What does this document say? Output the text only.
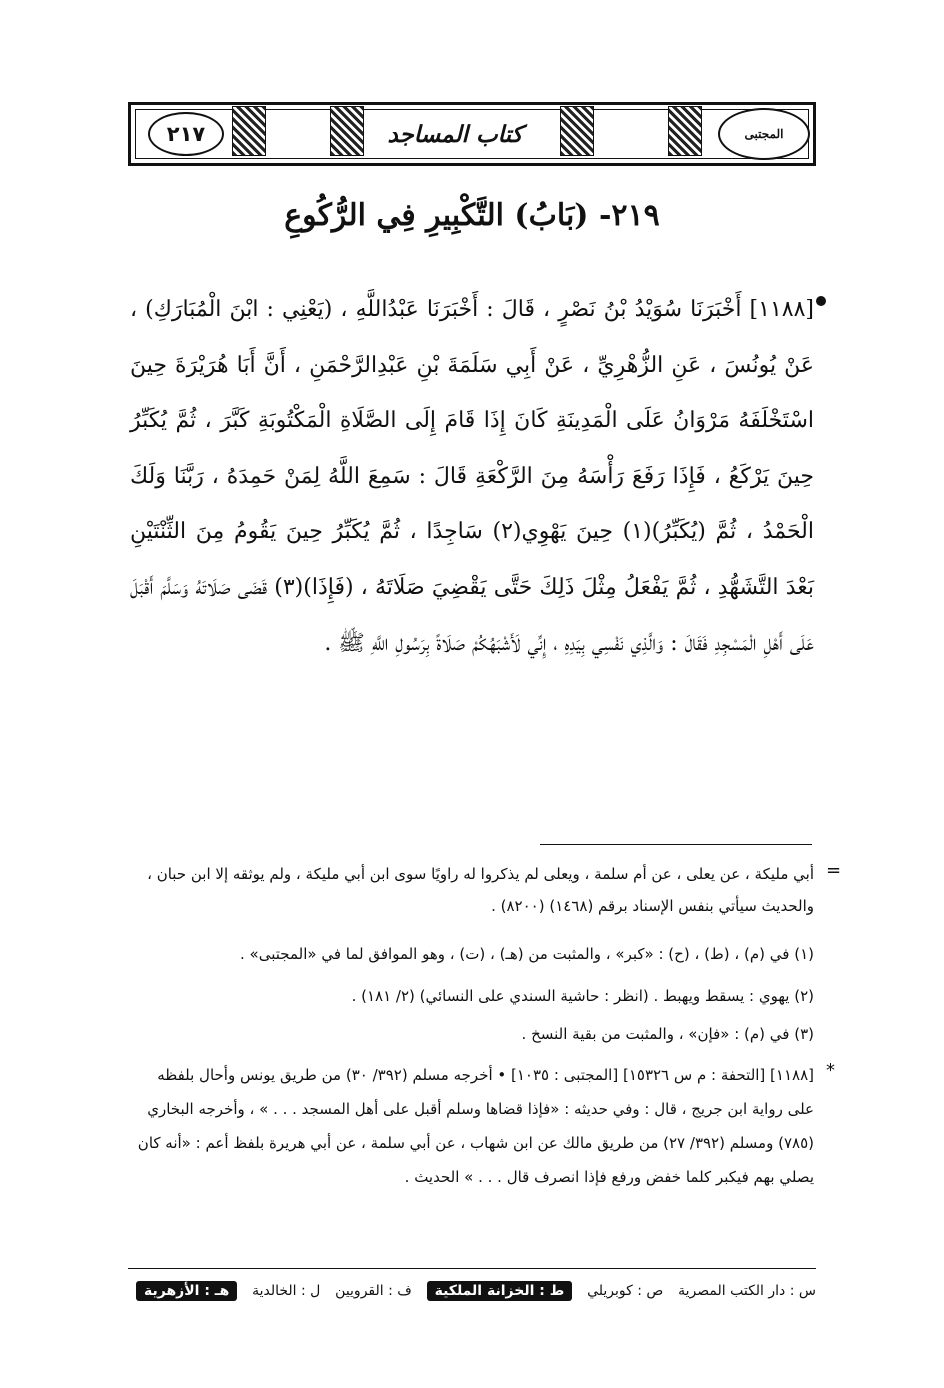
٢١٧	كتاب المساجد	المجتبى
٢١٩- (بَابُ) التَّكْبِيرِ فِي الرُّكُوعِ
[١١٨٨] أَخْبَرَنَا سُوَيْدُ بْنُ نَصْرٍ ، قَالَ : أَخْبَرَنَا عَبْدُاللَّهِ ، (يَعْنِي : ابْنَ الْمُبَارَكِ) ، عَنْ يُونُسَ ، عَنِ الزُّهْرِيِّ ، عَنْ أَبِي سَلَمَةَ بْنِ عَبْدِالرَّحْمَنِ ، أَنَّ أَبَا هُرَيْرَةَ حِينَ اسْتَخْلَفَهُ مَرْوَانُ عَلَى الْمَدِينَةِ كَانَ إِذَا قَامَ إِلَى الصَّلَاةِ الْمَكْتُوبَةِ كَبَّرَ ، ثُمَّ يُكَبِّرُ حِينَ يَرْكَعُ ، فَإِذَا رَفَعَ رَأْسَهُ مِنَ الرَّكْعَةِ قَالَ : سَمِعَ اللَّهُ لِمَنْ حَمِدَهُ ، رَبَّنَا وَلَكَ الْحَمْدُ ، ثُمَّ (يُكَبِّرُ)(١) حِينَ يَهْوِي(٢) سَاجِدًا ، ثُمَّ يُكَبِّرُ حِينَ يَقُومُ مِنَ الثِّنْتَيْنِ بَعْدَ التَّشَهُّدِ ، ثُمَّ يَفْعَلُ مِثْلَ ذَلِكَ حَتَّى يَقْضِيَ صَلَاتَهُ ، (فَإِذَا)(٣) قَضَى صَلَاتَهُ وَسَلَّمَ أَقْبَلَ عَلَى أَهْلِ الْمَسْجِدِ فَقَالَ : وَالَّذِي نَفْسِي بِيَدِهِ ، إِنِّي لَأَشْبَهُكُمْ صَلَاةً بِرَسُولِ اللَّهِ ﷺ .
=
أبي مليكة ، عن يعلى ، عن أم سلمة ، ويعلى لم يذكروا له راويًا سوى ابن أبي مليكة ، ولم يوثقه إلا ابن حبان ، والحديث سيأتي بنفس الإسناد برقم (١٤٦٨) (٨٢٠٠) .
(١) في (م) ، (ط) ، (ح) : «كبر» ، والمثبت من (هـ) ، (ت) ، وهو الموافق لما في «المجتبى» .
(٢) يهوي : يسقط ويهبط . (انظر : حاشية السندي على النسائي) (٢/ ١٨١) .
(٣) في (م) : «فإن» ، والمثبت من بقية النسخ .
*
[١١٨٨] [التحفة : م س ١٥٣٢٦] [المجتبى : ١٠٣٥] • أخرجه مسلم (٣٩٢/ ٣٠) من طريق يونس وأحال بلفظه على رواية ابن جريج ، قال : وفي حديثه : «فإذا قضاها وسلم أقبل على أهل المسجد . . . » ، وأخرجه البخاري (٧٨٥) ومسلم (٣٩٢/ ٢٧) من طريق مالك عن ابن شهاب ، عن أبي سلمة ، عن أبي هريرة بلفظ أعم : «أنه كان يصلي بهم فيكبر كلما خفض ورفع فإذا انصرف قال . . . » الحديث .
س : دار الكتب المصرية
ص : كوبريلي
ط : الخزانة الملكية
ف : القرويين
ل : الخالدية
هـ : الأزهرية
